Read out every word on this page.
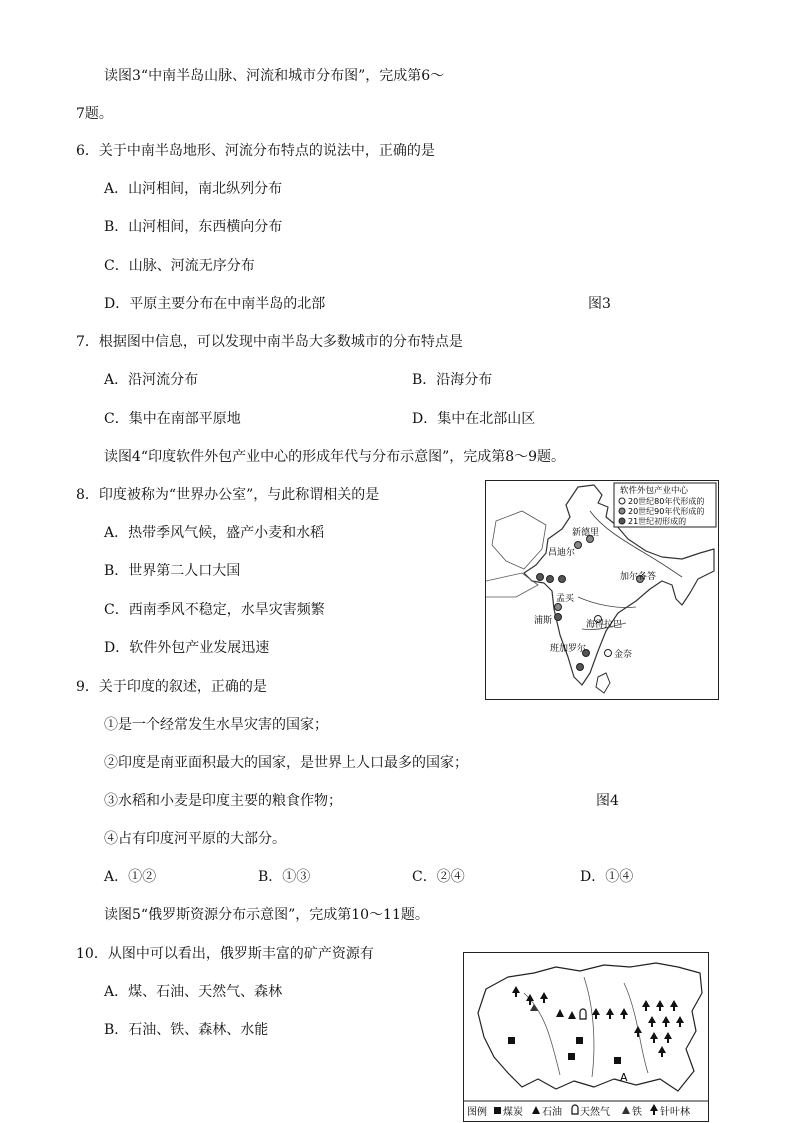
读图3“中南半岛山脉、河流和城市分布图”，完成第6～
7题。
6．关于中南半岛地形、河流分布特点的说法中，正确的是
A．山河相间，南北纵列分布
B．山河相间，东西横向分布
C．山脉、河流无序分布
D．平原主要分布在中南半岛的北部	图3
7．根据图中信息，可以发现中南半岛大多数城市的分布特点是
A．沿河流分布	B．沿海分布
C．集中在南部平原地	D．集中在北部山区
读图4“印度软件外包产业中心的形成年代与分布示意图”，完成第8～9题。
8．印度被称为“世界办公室”，与此称谓相关的是
A．热带季风气候，盛产小麦和水稻
B．世界第二人口大国
C．西南季风不稳定，水旱灾害频繁
D．软件外包产业发展迅速
新德里
昌迪尔
加尔各答
孟买
浦斯	海得拉巴
班加罗尔
金奈
软件外包产业中心
20世纪80年代形成的
20世纪90年代形成的
21世纪初形成的
9．关于印度的叙述，正确的是
①是一个经常发生水旱灾害的国家；
②印度是南亚面积最大的国家，是世界上人口最多的国家；
③水稻和小麦是印度主要的粮食作物；	图4
④占有印度河平原的大部分。
A．①②	B．①③	C．②④	D．①④
读图5“俄罗斯资源分布示意图”，完成第10～11题。
10．从图中可以看出，俄罗斯丰富的矿产资源有
A．煤、石油、天然气、森林
B．石油、铁、森林、水能
A
图例 煤炭 石油 天然气 铁 针叶林
